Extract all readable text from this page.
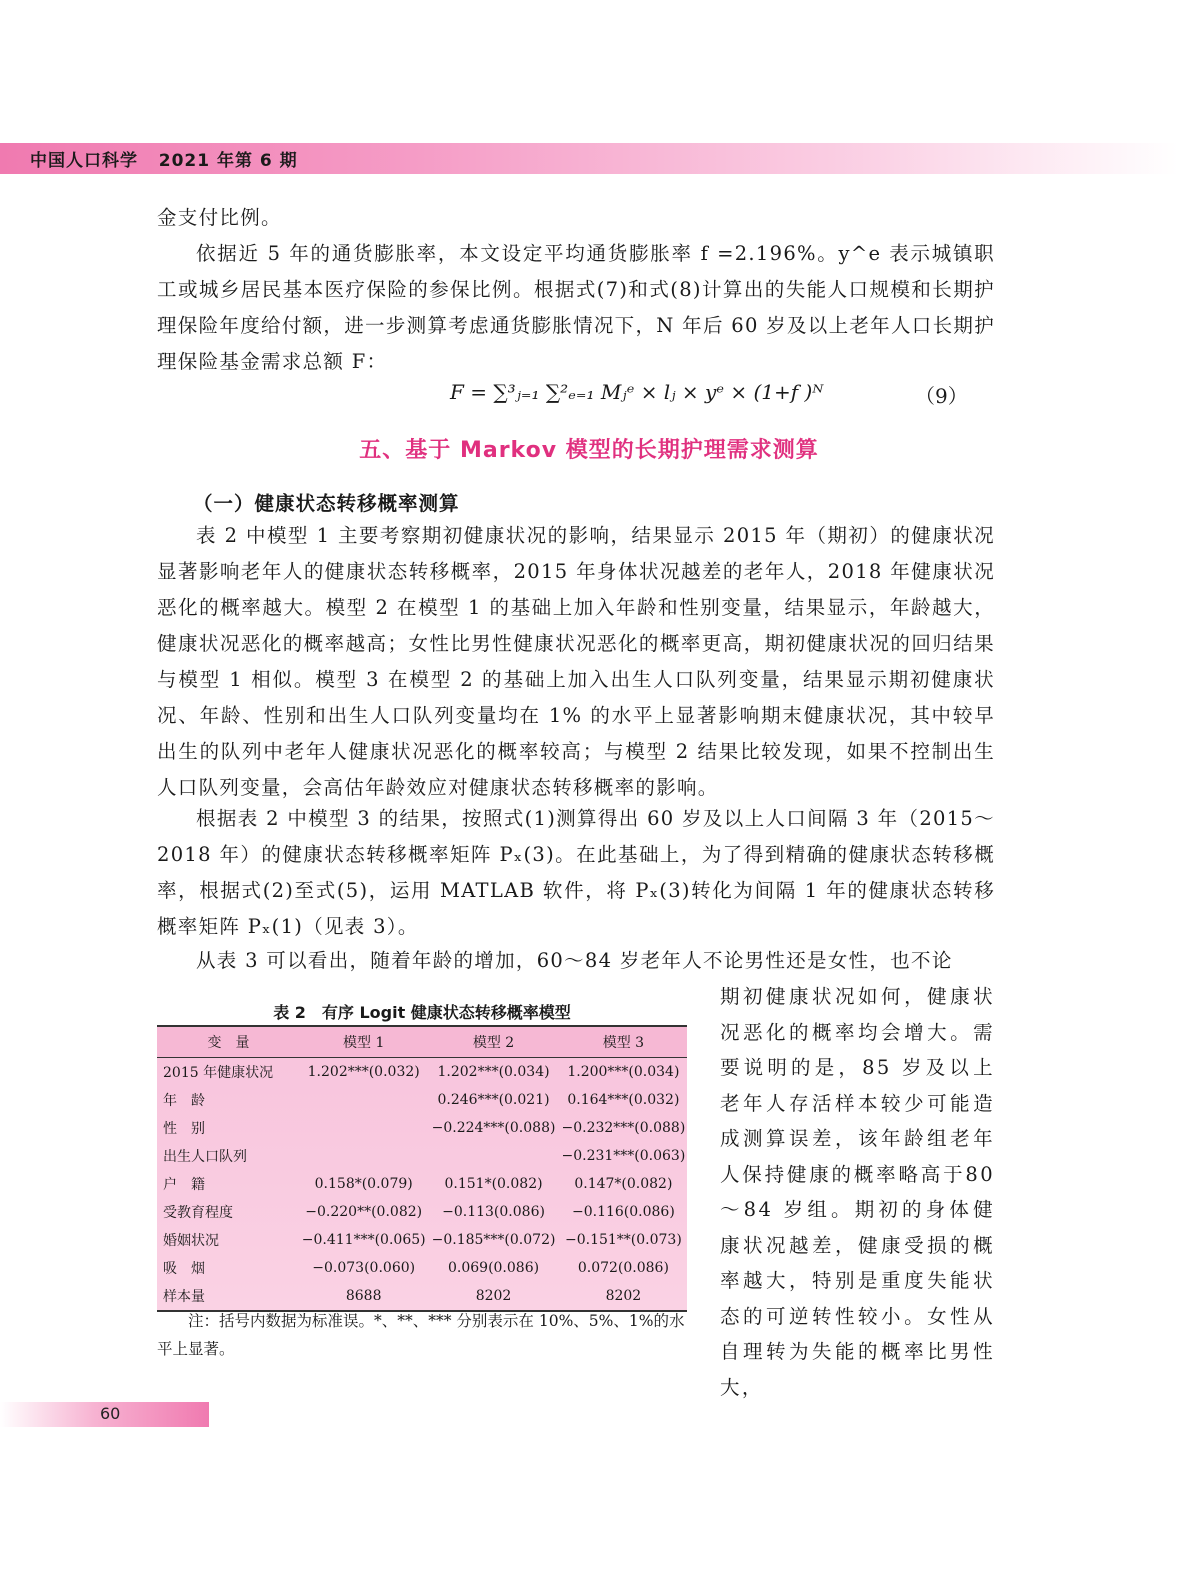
中国人口科学 2021 年第 6 期

金支付比例。

依据近 5 年的通货膨胀率，本文设定平均通货膨胀率 f =2.196%。y^e 表示城镇职工或城乡居民基本医疗保险的参保比例。根据式(7)和式(8)计算出的失能人口规模和长期护理保险年度给付额，进一步测算考虑通货膨胀情况下，N 年后 60 岁及以上老年人口长期护理保险基金需求总额 F：

F = ∑³ⱼ₌₁ ∑²ₑ₌₁ Mⱼᵉ × lⱼ × yᵉ × (1+f )ᴺ	（9）
五、基于 Markov 模型的长期护理需求测算
（一）健康状态转移概率测算

表 2 中模型 1 主要考察期初健康状况的影响，结果显示 2015 年（期初）的健康状况显著影响老年人的健康状态转移概率，2015 年身体状况越差的老年人，2018 年健康状况恶化的概率越大。模型 2 在模型 1 的基础上加入年龄和性别变量，结果显示，年龄越大，健康状况恶化的概率越高；女性比男性健康状况恶化的概率更高，期初健康状况的回归结果与模型 1 相似。模型 3 在模型 2 的基础上加入出生人口队列变量，结果显示期初健康状况、年龄、性别和出生人口队列变量均在 1% 的水平上显著影响期末健康状况，其中较早出生的队列中老年人健康状况恶化的概率较高；与模型 2 结果比较发现，如果不控制出生人口队列变量，会高估年龄效应对健康状态转移概率的影响。

根据表 2 中模型 3 的结果，按照式(1)测算得出 60 岁及以上人口间隔 3 年（2015～2018 年）的健康状态转移概率矩阵 Pₓ(3)。在此基础上，为了得到精确的健康状态转移概率，根据式(2)至式(5)，运用 MATLAB 软件，将 Pₓ(3)转化为间隔 1 年的健康状态转移概率矩阵 Pₓ(1)（见表 3）。

从表 3 可以看出，随着年龄的增加，60～84 岁老年人不论男性还是女性，也不论

表 2　有序 Logit 健康状态转移概率模型
变　量	模型 1	模型 2	模型 3
2015 年健康状况	1.202***(0.032)	1.202***(0.034)	1.200***(0.034)
年　龄		0.246***(0.021)	0.164***(0.032)
性　别		−0.224***(0.088)	−0.232***(0.088)
出生人口队列			−0.231***(0.063)
户　籍	0.158*(0.079)	0.151*(0.082)	0.147*(0.082)
受教育程度	−0.220**(0.082)	−0.113(0.086)	−0.116(0.086)
婚姻状况	−0.411***(0.065)	−0.185***(0.072)	−0.151**(0.073)
吸　烟	−0.073(0.060)	0.069(0.086)	0.072(0.086)
样本量	8688	8202	8202

注：括号内数据为标准误。*、**、*** 分别表示在 10%、5%、1%的水平上显著。

期初健康状况如何，健康状况恶化的概率均会增大。需要说明的是，85 岁及以上老年人存活样本较少可能造成测算误差，该年龄组老年人保持健康的概率略高于80～84 岁组。期初的身体健康状况越差，健康受损的概率越大，特别是重度失能状态的可逆转性较小。女性从自理转为失能的概率比男性大，

60
